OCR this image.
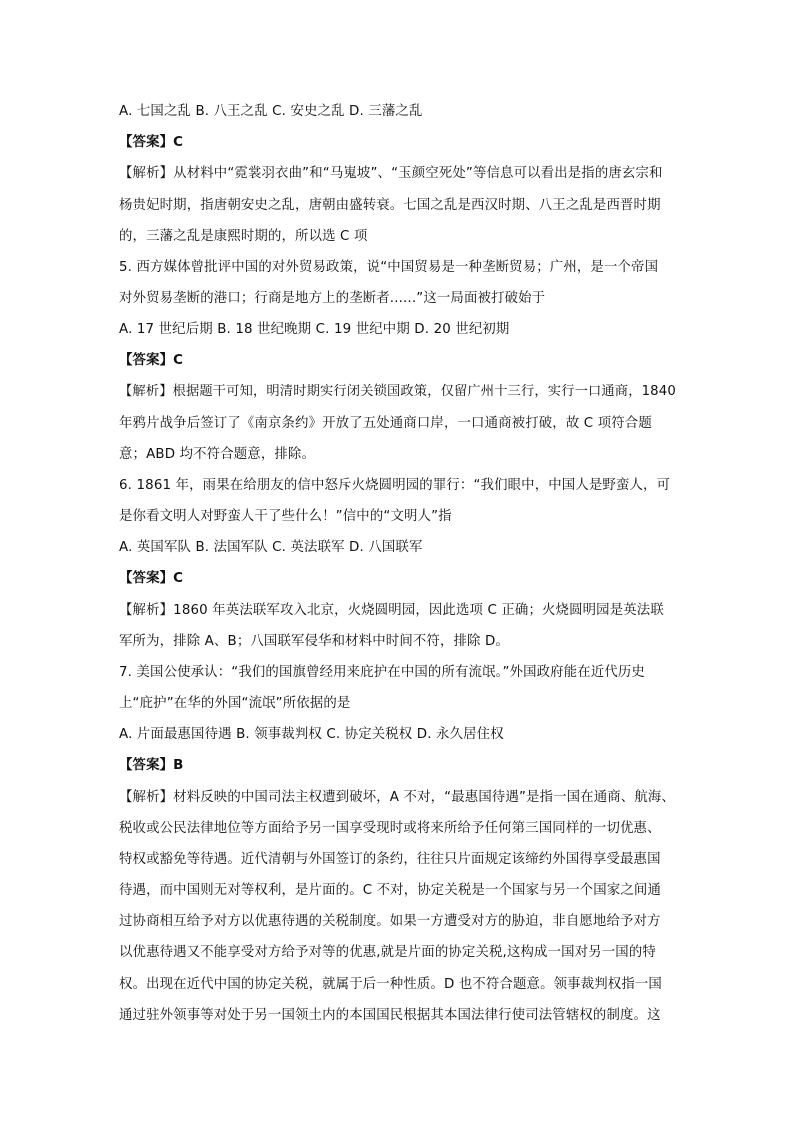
A. 七国之乱 B. 八王之乱 C. 安史之乱 D. 三藩之乱
【答案】C
【解析】从材料中“霓裳羽衣曲”和“马嵬坡”、“玉颜空死处”等信息可以看出是指的唐玄宗和
杨贵妃时期，指唐朝安史之乱，唐朝由盛转衰。七国之乱是西汉时期、八王之乱是西晋时期
的，三藩之乱是康熙时期的，所以选 C 项
5. 西方媒体曾批评中国的对外贸易政策，说“中国贸易是一种垄断贸易；广州，是一个帝国
对外贸易垄断的港口；行商是地方上的垄断者......”这一局面被打破始于
A. 17 世纪后期 B. 18 世纪晚期 C. 19 世纪中期 D. 20 世纪初期
【答案】C
【解析】根据题干可知，明清时期实行闭关锁国政策，仅留广州十三行，实行一口通商，1840
年鸦片战争后签订了《南京条约》开放了五处通商口岸，一口通商被打破，故 C 项符合题
意；ABD 均不符合题意，排除。
6. 1861 年，雨果在给朋友的信中怒斥火烧圆明园的罪行：“我们眼中，中国人是野蛮人，可
是你看文明人对野蛮人干了些什么！”信中的“文明人”指
A. 英国军队 B. 法国军队 C. 英法联军 D. 八国联军
【答案】C
【解析】1860 年英法联军攻入北京，火烧圆明园，因此选项 C 正确；火烧圆明园是英法联
军所为，排除 A、B；八国联军侵华和材料中时间不符，排除 D。
7. 美国公使承认：“我们的国旗曾经用来庇护在中国的所有流氓。”外国政府能在近代历史
上“庇护”在华的外国“流氓”所依据的是
A. 片面最惠国待遇 B. 领事裁判权 C. 协定关税权 D. 永久居住权
【答案】B
【解析】材料反映的中国司法主权遭到破坏，A 不对，“最惠国待遇”是指一国在通商、航海、
税收或公民法律地位等方面给予另一国享受现时或将来所给予任何第三国同样的一切优惠、
特权或豁免等待遇。近代清朝与外国签订的条约，往往只片面规定该缔约外国得享受最惠国
待遇，而中国则无对等权利，是片面的。C 不对，协定关税是一个国家与另一个国家之间通
过协商相互给予对方以优惠待遇的关税制度。如果一方遭受对方的胁迫，非自愿地给予对方
以优惠待遇又不能享受对方给予对等的优惠,就是片面的协定关税,这构成一国对另一国的特
权。出现在近代中国的协定关税，就属于后一种性质。D 也不符合题意。领事裁判权指一国
通过驻外领事等对处于另一国领土内的本国国民根据其本国法律行使司法管辖权的制度。这
